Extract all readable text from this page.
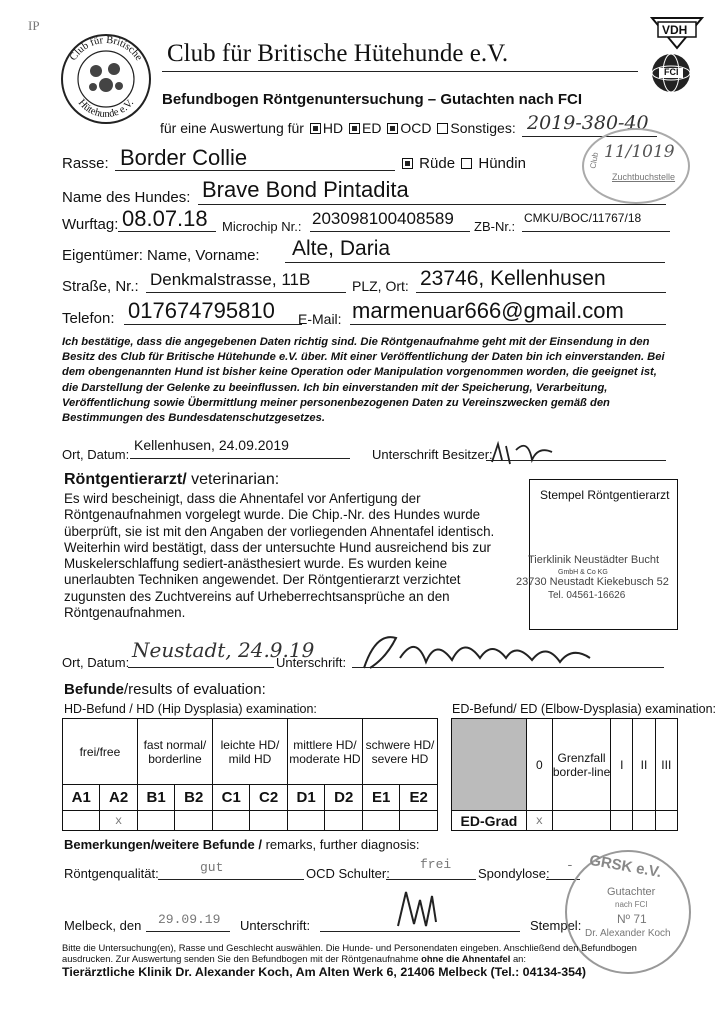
IP
Club für Britische
Hütehunde e.V.
Club für Britische Hütehunde e.V.
VDH
FCI
Befundbogen Röntgenuntersuchung – Gutachten nach FCI
für eine Auswertung für HD ED OCD Sonstiges: 2019-380-40
11/1019
Zuchtbuchstelle
Club
Rasse: Border Collie	Rüde Hündin
Name des Hundes: Brave Bond Pintadita
Wurftag: 08.07.18 Microchip Nr.: 203098100408589 ZB-Nr.:
CMKU/BOC/11767/18
Eigentümer: Name, Vorname: Alte, Daria
Straße, Nr.: Denkmalstrasse, 11B	PLZ, Ort: 23746, Kellenhusen
Telefon: 017674795810 E-Mail: marmenuar666@gmail.com
Ich bestätige, dass die angegebenen Daten richtig sind. Die Röntgenaufnahme geht mit der Einsendung in den Besitz des Club für Britische Hütehunde e.V. über. Mit einer Veröffentlichung der Daten bin ich einverstanden. Bei dem obengenannten Hund ist bisher keine Operation oder Manipulation vorgenommen worden, die geeignet ist, die Darstellung der Gelenke zu beeinflussen. Ich bin einverstanden mit der Speicherung, Verarbeitung, Veröffentlichung sowie Übermittlung meiner personenbezogenen Daten zu Vereinszwecken gemäß den Bestimmungen des Bundesdatenschutzgesetzes.
Ort, Datum:
Kellenhusen, 24.09.2019
Unterschrift Besitzer:
Röntgentierarzt/ veterinarian:
Es wird bescheinigt, dass die Ahnentafel vor Anfertigung der Röntgenaufnahmen vorgelegt wurde. Die Chip.-Nr. des Hundes wurde überprüft, sie ist mit den Angaben der vorliegenden Ahnentafel identisch. Weiterhin wird bestätigt, dass der untersuchte Hund ausreichend bis zur Muskelerschlaffung sediert-anästhesiert wurde. Es wurden keine unerlaubten Techniken angewendet. Der Röntgentierarzt verzichtet zugunsten des Zuchtvereins auf Urheberrechtsansprüche an den Röntgenaufnahmen.
Stempel Röntgentierarzt
Tierklinik Neustädter Bucht
GmbH & Co KG
23730 Neustadt Kiekebusch 52
Tel. 04561-16626
Ort, Datum:
Neustadt, 24.9.19
Unterschrift:
Befunde/results of evaluation:
HD-Befund / HD (Hip Dysplasia) examination:	ED-Befund/ ED (Elbow-Dysplasia) examination:
frei/free		fast normal/ borderline		leichte HD/ mild HD		mittlere HD/ moderate HD		schwere HD/ severe HD	
A1	A2	B1	B2	C1	C2	D1	D2	E1	E2
	x								
	0	Grenzfall border-line	I	II	III
ED-Grad	x				
Bemerkungen/weitere Befunde / remarks, further diagnosis:
Röntgenqualität:	gut	OCD Schulter:
frei
Spondylose:
-
Melbeck, den 29.09.19 Unterschrift:	Stempel:
GRSK e.V.
Gutachter
nach FCI
Nº 71
Dr. Alexander Koch
Bitte die Untersuchung(en), Rasse und Geschlecht auswählen. Die Hunde- und Personendaten eingeben. Anschließend den Befundbogen
ausdrucken. Zur Auswertung senden Sie den Befundbogen mit der Röntgenaufnahme ohne die Ahnentafel an:
Tierärztliche Klinik Dr. Alexander Koch, Am Alten Werk 6, 21406 Melbeck (Tel.: 04134-354)
